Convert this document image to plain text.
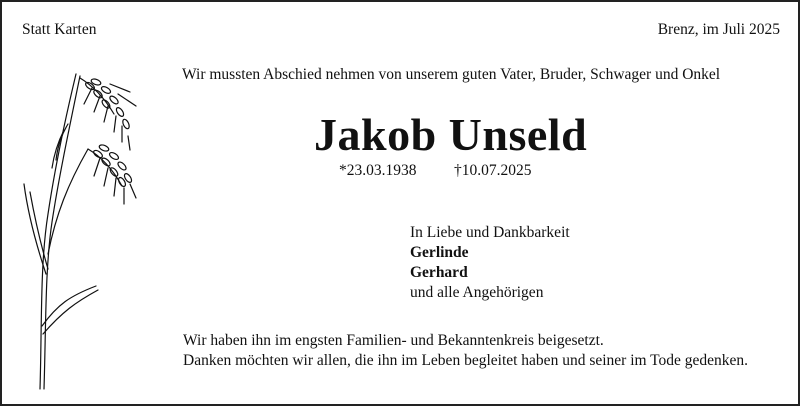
Statt Karten	Brenz, im Juli 2025
Wir mussten Abschied nehmen von unserem guten Vater, Bruder, Schwager und Onkel
Jakob Unseld
*23.03.1938 †10.07.2025
In Liebe und Dankbarkeit
Gerlinde
Gerhard
und alle Angehörigen
Wir haben ihn im engsten Familien- und Bekanntenkreis beigesetzt.
Danken möchten wir allen, die ihn im Leben begleitet haben und seiner im Tode gedenken.
